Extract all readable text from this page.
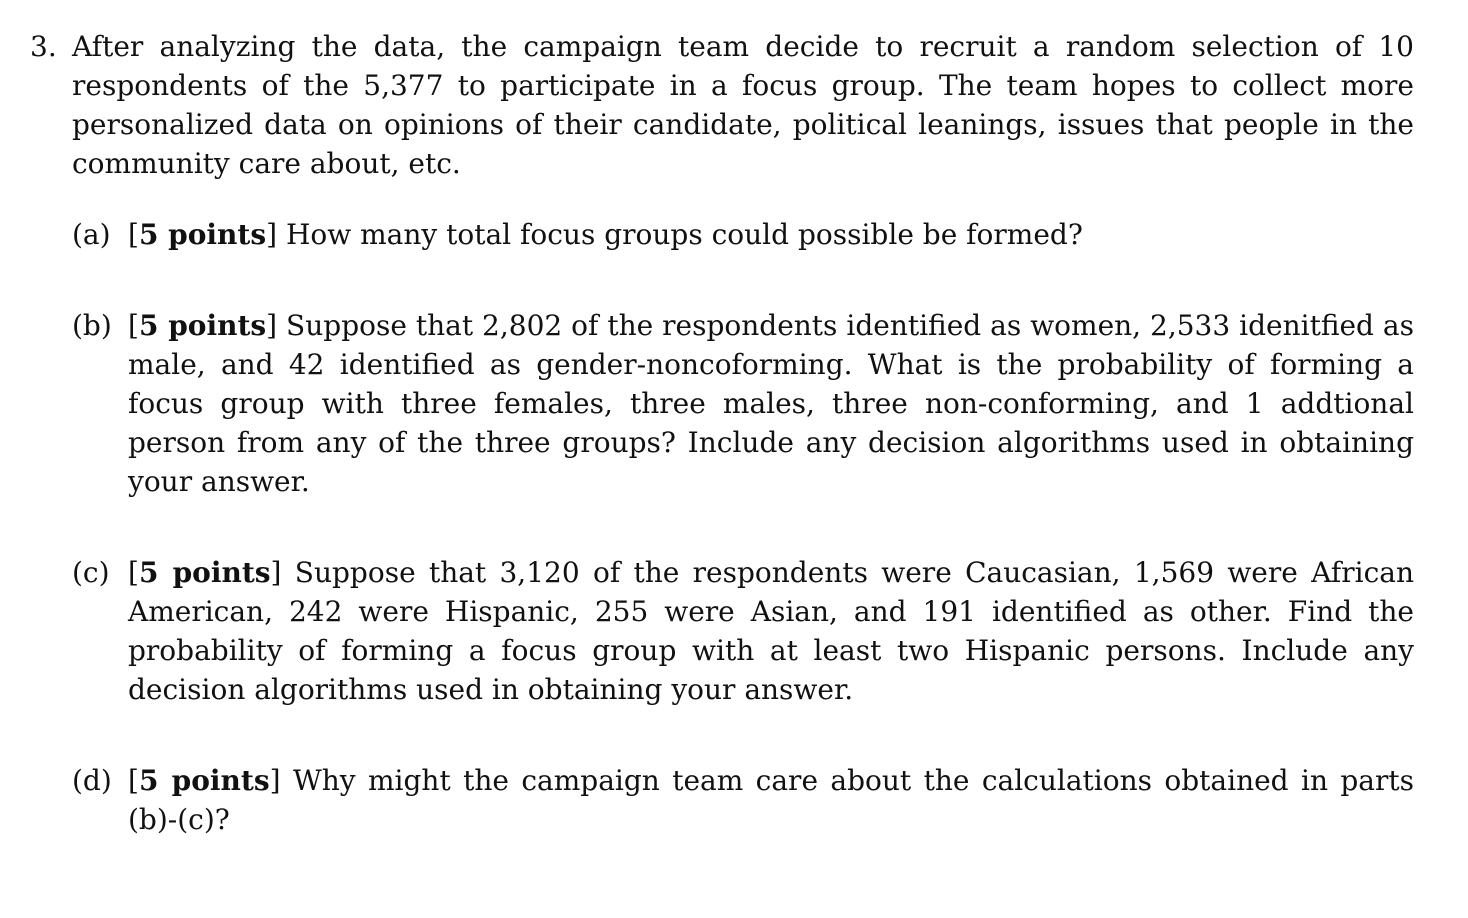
3. After analyzing the data, the campaign team decide to recruit a random selection of 10 respondents of the 5,377 to participate in a focus group. The team hopes to collect more personalized data on opinions of their candidate, political leanings, issues that people in the community care about, etc.
(a) [5 points] How many total focus groups could possible be formed?
(b) [5 points] Suppose that 2,802 of the respondents identified as women, 2,533 idenitfied as male, and 42 identified as gender-noncoforming. What is the probability of forming a focus group with three females, three males, three non-conforming, and 1 addtional person from any of the three groups? Include any decision algorithms used in obtaining your answer.
(c) [5 points] Suppose that 3,120 of the respondents were Caucasian, 1,569 were African American, 242 were Hispanic, 255 were Asian, and 191 identified as other. Find the probability of forming a focus group with at least two Hispanic persons. Include any decision algorithms used in obtaining your answer.
(d) [5 points] Why might the campaign team care about the calculations obtained in parts (b)-(c)?
